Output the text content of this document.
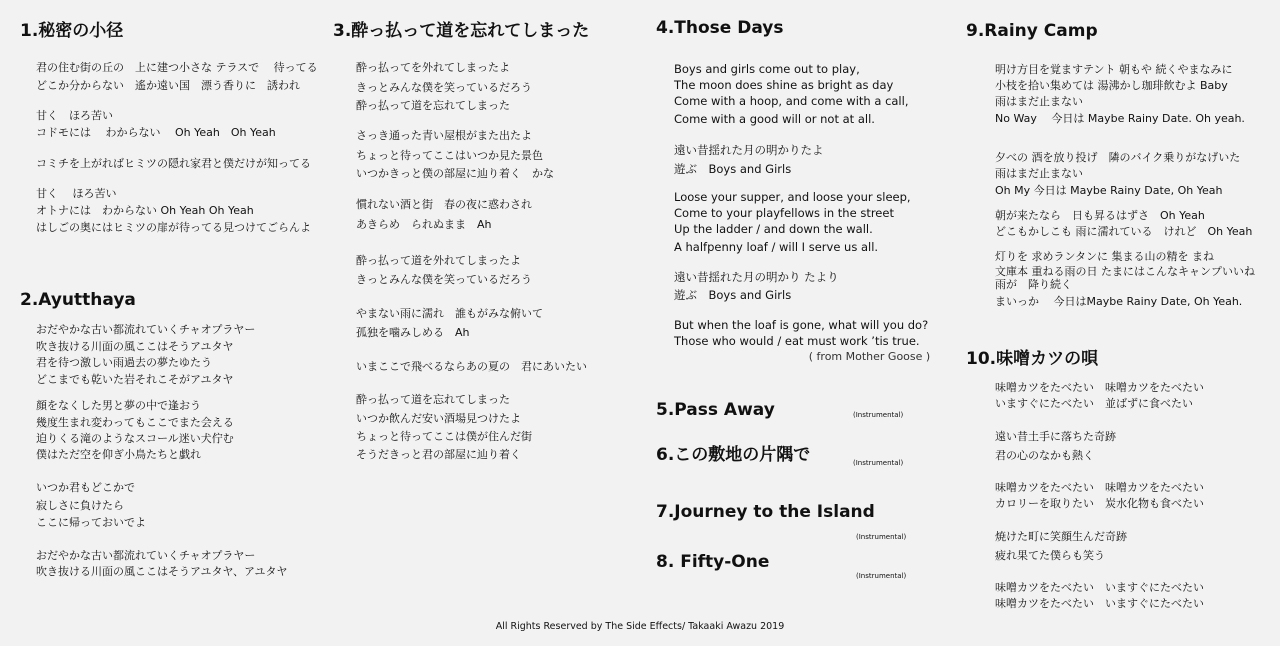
1.秘密の小径
君の住む街の丘の　上に建つ小さな テラスで　 待ってる
どこか分からない　遙か遠い国　漂う香りに　誘われ
甘く　ほろ苦い
コドモには　 わからない　 Oh Yeah　Oh Yeah
コミチを上がればヒミツの隠れ家君と僕だけが知ってる
甘く　 ほろ苦い
オトナには　わからない Oh Yeah Oh Yeah
はしごの奥にはヒミツの扉が待ってる見つけてごらんよ
2.Ayutthaya
おだやかな古い都流れていくチャオプラヤー
吹き抜ける川面の風ここはそうアユタヤ
君を待つ激しい雨過去の夢たゆたう
どこまでも乾いた岩それこそがアユタヤ
顔をなくした男と夢の中で逢おう
幾度生まれ変わってもここでまた会える
迫りくる滝のようなスコール迷い犬佇む
僕はただ空を仰ぎ小鳥たちと戯れ
いつか君もどこかで
寂しさに負けたら
ここに帰っておいでよ
おだやかな古い都流れていくチャオプラヤー
吹き抜ける川面の風ここはそうアユタヤ、アユタヤ
3.酔っ払って道を忘れてしまった
酔っ払ってを外れてしまったよ
きっとみんな僕を笑っているだろう
酔っ払って道を忘れてしまった
さっき通った青い屋根がまた出たよ
ちょっと待ってここはいつか見た景色
いつかきっと僕の部屋に辿り着く　かな
慣れない酒と街　春の夜に惑わされ
あきらめ　られぬまま　Ah
酔っ払って道を外れてしまったよ
きっとみんな僕を笑っているだろう
やまない雨に濡れ　誰もがみな俯いて
孤独を噛みしめる　Ah
いまここで飛べるならあの夏の　君にあいたい
酔っ払って道を忘れてしまった
いつか飲んだ安い酒場見つけたよ
ちょっと待ってここは僕が住んだ街
そうだきっと君の部屋に辿り着く
4.Those Days
Boys and girls come out to play,
The moon does shine as bright as day
Come with a hoop, and come with a call,
Come with a good will or not at all.
遠い昔揺れた月の明かりたよ
遊ぶ　Boys and Girls
Loose your supper, and loose your sleep,
Come to your playfellows in the street
Up the ladder / and down the wall.
A halfpenny loaf / will I serve us all.
遠い昔揺れた月の明かり たより
遊ぶ　Boys and Girls
But when the loaf is gone, what will you do?
Those who would / eat must work ’tis true.
( from Mother Goose )
5.Pass Away	(Instrumental)
6.この敷地の片隅で	(Instrumental)
7.Journey to the Island
(Instrumental)
8. Fifty-One
(Instrumental)
9.Rainy Camp
明け方目を覚ますテント 朝もや 続くやまなみに
小枝を拾い集めては 湯沸かし珈琲飲むよ Baby
雨はまだ止まない
No Way　 今日は Maybe Rainy Date. Oh yeah.
夕べの 酒を放り投げ　隣のバイク乗りがなげいた
雨はまだ止まない
Oh My 今日は Maybe Rainy Date, Oh Yeah
朝が来たなら　日も昇るはずさ　Oh Yeah
どこもかしこも 雨に濡れている　けれど　Oh Yeah
灯りを 求めランタンに 集まる山の精を まね
文庫本 重ねる雨の日 たまにはこんなキャンプいいね
雨が　降り続く
まいっか　 今日はMaybe Rainy Date, Oh Yeah.
10.味噌カツの唄
味噌カツをたべたい　味噌カツをたべたい
いますぐにたべたい　並ばずに食べたい
遠い昔土手に落ちた奇跡
君の心のなかも熱く
味噌カツをたべたい　味噌カツをたべたい
カロリーを取りたい　炭水化物も食べたい
焼けた町に笑顔生んだ奇跡
疲れ果てた僕らも笑う
味噌カツをたべたい　いますぐにたべたい
味噌カツをたべたい　いますぐにたべたい
All Rights Reserved by The Side Effects/ Takaaki Awazu 2019
